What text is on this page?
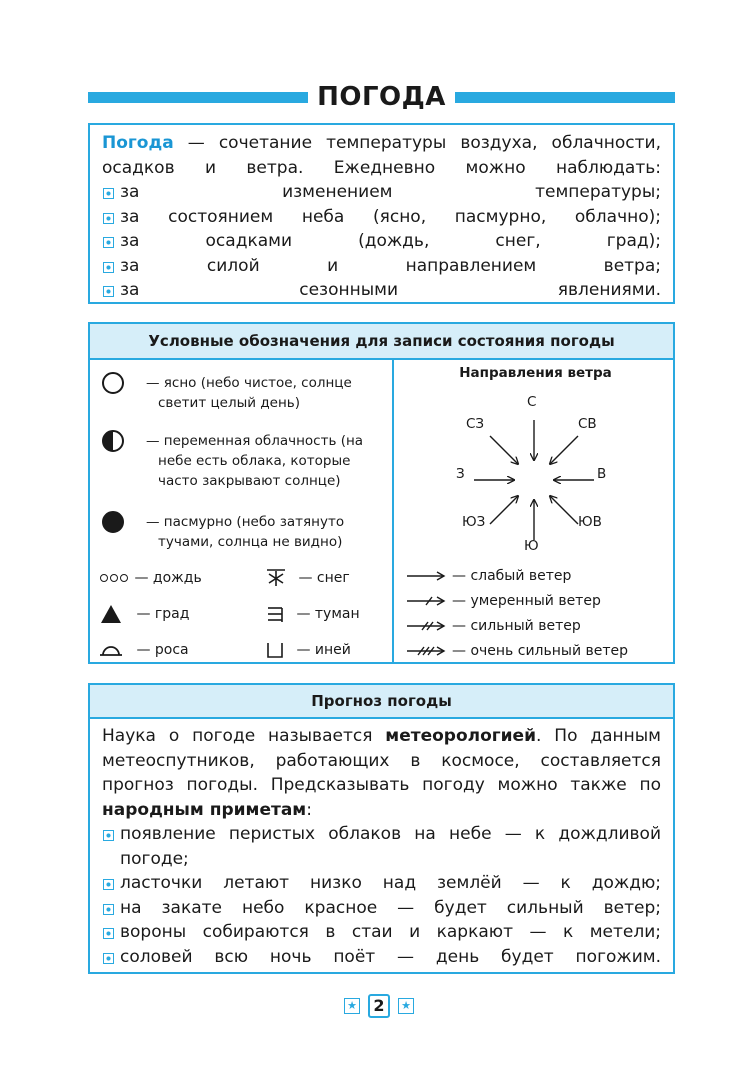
ПОГОДА

Погода — сочетание температуры воздуха, облачности,

осадков и ветра. Ежедневно можно наблюдать:

за изменением температуры;
за состоянием неба (ясно, пасмурно, облачно);
за осадками (дождь, снег, град);
за силой и направлением ветра;
за сезонными явлениями.
Условные обозначения для записи состояния погоды
— ясно (небо чистое, солнце
светит целый день)
— переменная облачность (на
небе есть облака, которые
часто закрывают солнце)
— пасмурно (небо затянуто
тучами, солнца не видно)
— дождь	— снег
— град	— туман
— роса	— иней
Направления ветра
С
СВ
В
ЮВ
Ю
ЮЗ
З
СЗ
— слабый ветер
— умеренный ветер
— сильный ветер
— очень сильный ветер
Прогноз погоды

Наука о погоде называется метеорологией. По данным

метеоспутников, работающих в космосе, составляется

прогноз погоды. Предсказывать погоду можно также по

народным приметам:

появление перистых облаков на небе — к дождливой
погоде;
ласточки летают низко над землёй — к дождю;
на закате небо красное — будет сильный ветер;
вороны собираются в стаи и каркают — к метели;
соловей всю ночь поёт — день будет погожим.
★	2	★
